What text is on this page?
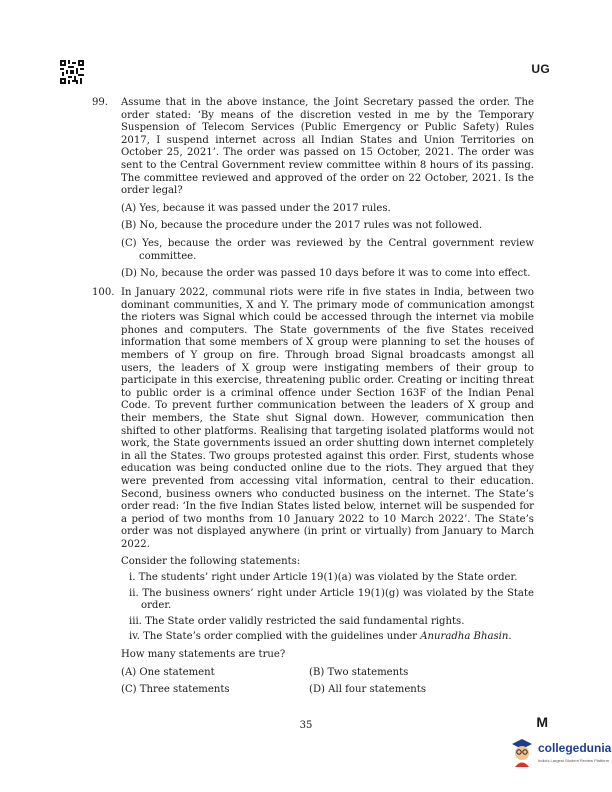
UG
99. Assume that in the above instance, the Joint Secretary passed the order. The order stated: ‘By means of the discretion vested in me by the Temporary Suspension of Telecom Services (Public Emergency or Public Safety) Rules 2017, I suspend internet across all Indian States and Union Territories on October 25, 2021’. The order was passed on 15 October, 2021. The order was sent to the Central Government review committee within 8 hours of its passing. The committee reviewed and approved of the order on 22 October, 2021. Is the order legal?

(A) Yes, because it was passed under the 2017 rules.
(B) No, because the procedure under the 2017 rules was not followed.
(C) Yes, because the order was reviewed by the Central government review committee.
(D) No, because the order was passed 10 days before it was to come into effect.
100. In January 2022, communal riots were rife in five states in India, between two dominant communities, X and Y. The primary mode of communication amongst the rioters was Signal which could be accessed through the internet via mobile phones and computers. The State governments of the five States received information that some members of X group were planning to set the houses of members of Y group on fire. Through broad Signal broadcasts amongst all users, the leaders of X group were instigating members of their group to participate in this exercise, threatening public order. Creating or inciting threat to public order is a criminal offence under Section 163F of the Indian Penal Code. To prevent further communication between the leaders of X group and their members, the State shut Signal down. However, communication then shifted to other platforms. Realising that targeting isolated platforms would not work, the State governments issued an order shutting down internet completely in all the States. Two groups protested against this order. First, students whose education was being conducted online due to the riots. They argued that they were prevented from accessing vital information, central to their education. Second, business owners who conducted business on the internet. The State’s order read: ‘In the five Indian States listed below, internet will be suspended for a period of two months from 10 January 2022 to 10 March 2022’. The State’s order was not displayed anywhere (in print or virtually) from January to March 2022.

Consider the following statements:
i. The students’ right under Article 19(1)(a) was violated by the State order.
ii. The business owners’ right under Article 19(1)(g) was violated by the State order.
iii. The State order validly restricted the said fundamental rights.
iv. The State’s order complied with the guidelines under Anuradha Bhasin.
How many statements are true?
(A) One statement	(B) Two statements
(C) Three statements	(D) All four statements
35	M
collegedunia
India's Largest Student Review Platform
